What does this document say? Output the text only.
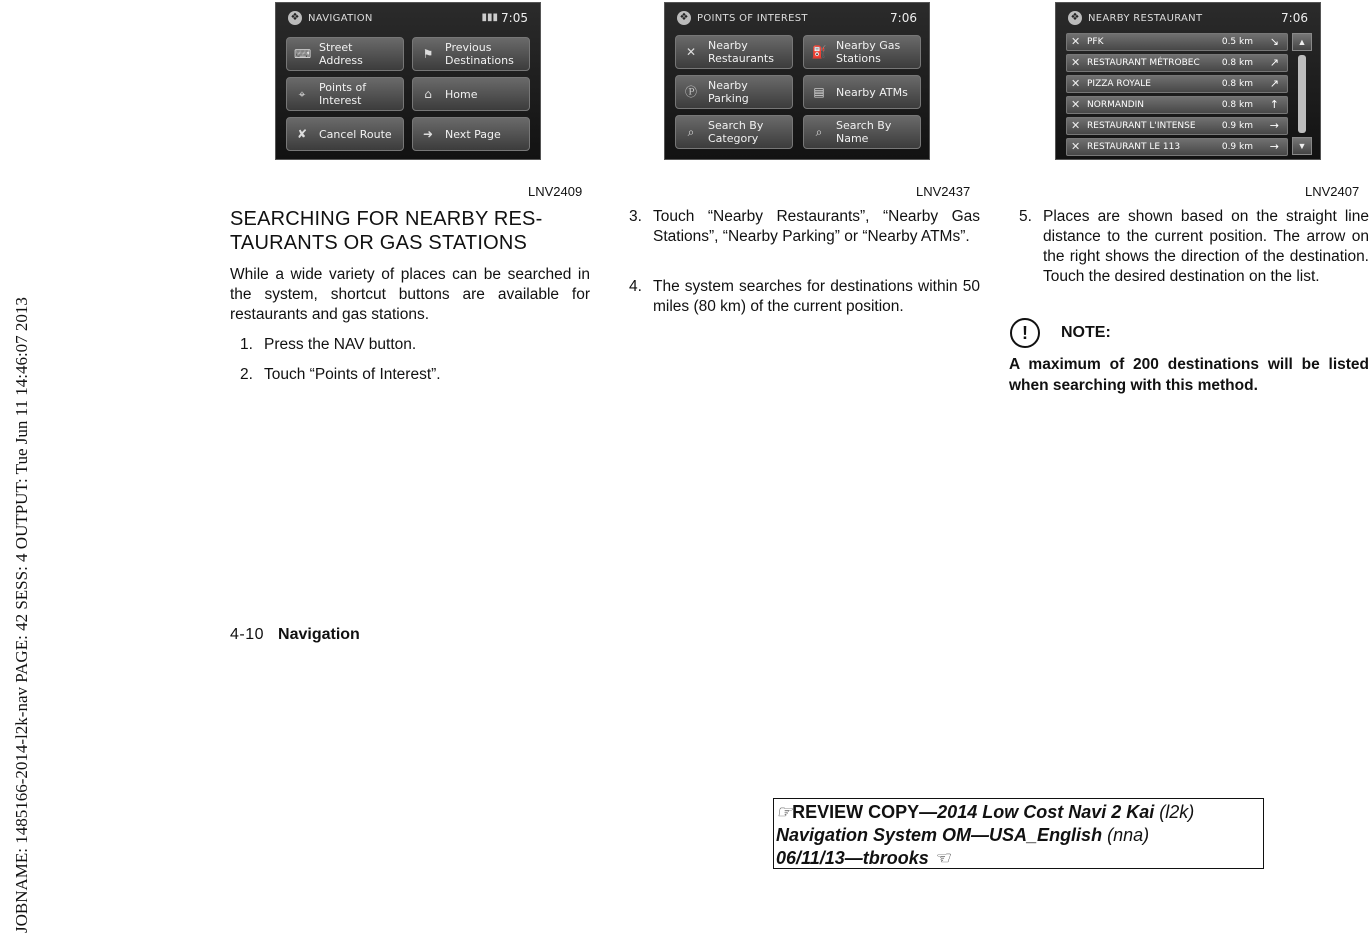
JOBNAME: 1485166-2014-l2k-nav PAGE: 42 SESS: 4 OUTPUT: Tue Jun 11 14:46:07 2013
❖ NAVIGATION	▮▮▮ 7:05
⌨ Street Address	⚑ Previous Destinations
⌖	Points of Interest	⌂	Home
✘ Cancel Route	➜ Next Page
LNV2409
❖ POINTS OF INTEREST	7:06
✕ Nearby Restaurants	⛽ Nearby Gas Stations
Ⓟ Nearby Parking	▤ Nearby ATMs
⌕	Search By Category	⌕	Search By Name
LNV2437
❖ NEARBY RESTAURANT	7:06
✕ PFK	0.5 km ↘
✕ RESTAURANT MÉTROBEC 0.8 km ↗
✕ PIZZA ROYALE	0.8 km ↗
✕ NORMANDIN	0.8 km ↑
✕ RESTAURANT L'INTENSE	0.9 km →
✕ RESTAURANT LE 113	0.9 km →
▲
▼
LNV2407
SEARCHING FOR NEARBY RES-TAURANTS OR GAS STATIONS
While a wide variety of places can be searched in the system, shortcut buttons are available for restaurants and gas stations.
1. Press the NAV button.
2. Touch “Points of Interest”.
3. Touch “Nearby Restaurants”, “Nearby Gas Stations”, “Nearby Parking” or “Nearby ATMs”.
4. The system searches for destinations within 50 miles (80 km) of the current position.
5. Places are shown based on the straight line distance to the current position. The arrow on the right shows the direction of the destination. Touch the desired destination on the list.
!	NOTE:
A maximum of 200 destinations will be listed when searching with this method.
4-10 Navigation
☞REVIEW COPY—2014 Low Cost Navi 2 Kai (l2k)
Navigation System OM—USA_English (nna)
06/11/13—tbrooks ☜
